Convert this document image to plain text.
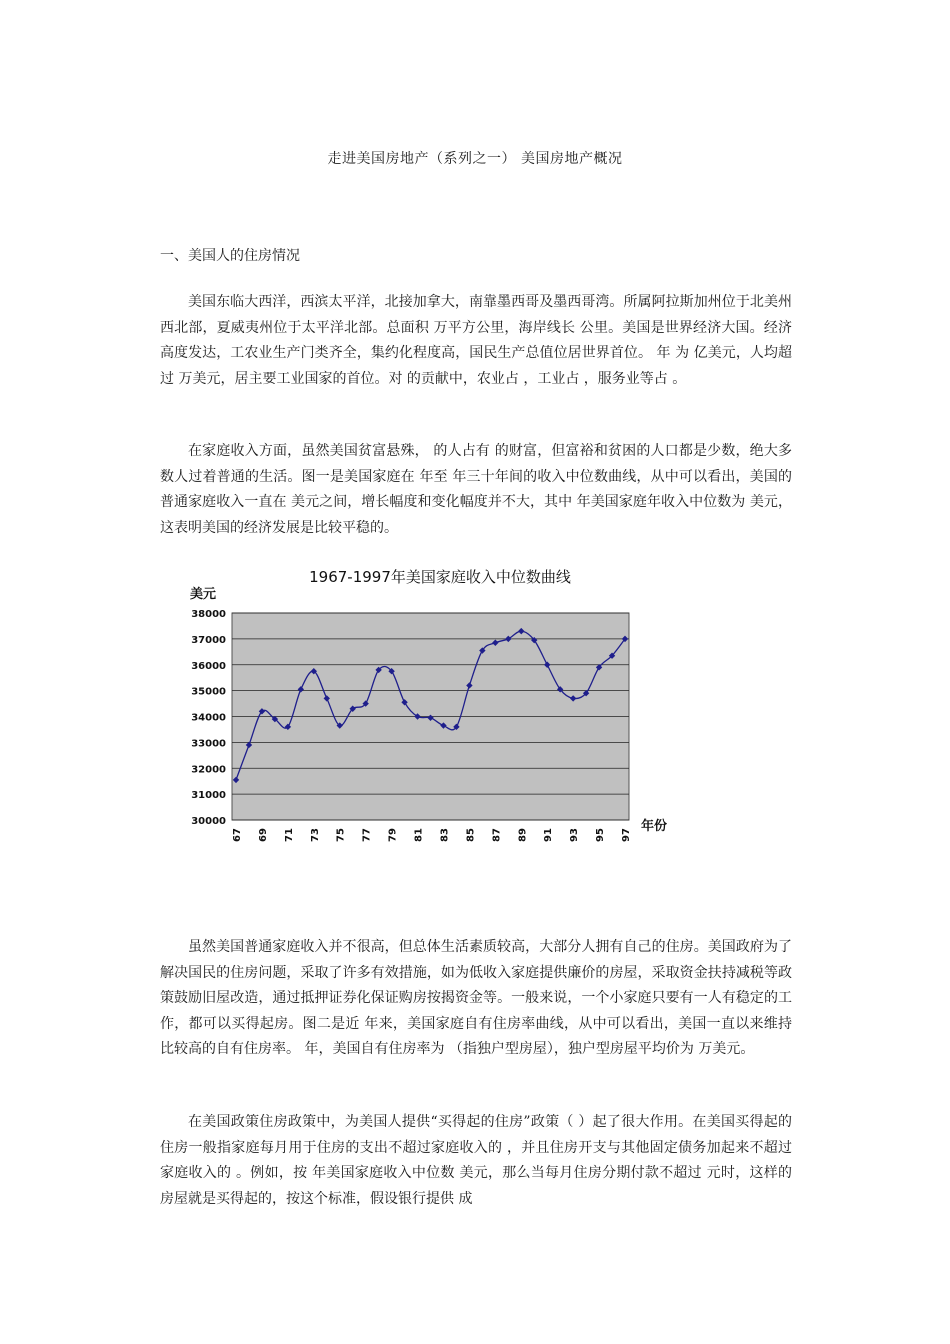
走进美国房地产（系列之一） 美国房地产概况
一、美国人的住房情况

美国东临大西洋，西滨太平洋，北接加拿大，南靠墨西哥及墨西哥湾。所属阿拉斯加州位于北美州西北部，夏威夷州位于太平洋北部。总面积 万平方公里，海岸线长 公里。美国是世界经济大国。经济高度发达，工农业生产门类齐全，集约化程度高，国民生产总值位居世界首位。 年 为 亿美元，人均超过 万美元，居主要工业国家的首位。对 的贡献中，农业占 ，工业占 ，服务业等占 。

在家庭收入方面，虽然美国贫富悬殊， 的人占有 的财富，但富裕和贫困的人口都是少数，绝大多数人过着普通的生活。图一是美国家庭在 年至 年三十年间的收入中位数曲线，从中可以看出，美国的普通家庭收入一直在 美元之间，增长幅度和变化幅度并不大，其中 年美国家庭年收入中位数为 美元，这表明美国的经济发展是比较平稳的。

1967-1997年美国家庭收入中位数曲线
美元
30000
31000
32000
33000
34000
35000
36000
37000
38000
67 69 71 73 75 77 79 81 83 85 87 89 91 93 95 97
年份

虽然美国普通家庭收入并不很高，但总体生活素质较高，大部分人拥有自己的住房。美国政府为了解决国民的住房问题，采取了许多有效措施，如为低收入家庭提供廉价的房屋，采取资金扶持减税等政策鼓励旧屋改造，通过抵押证券化保证购房按揭资金等。一般来说，一个小家庭只要有一人有稳定的工作，都可以买得起房。图二是近 年来，美国家庭自有住房率曲线，从中可以看出，美国一直以来维持比较高的自有住房率。 年，美国自有住房率为 （指独户型房屋），独户型房屋平均价为 万美元。

在美国政策住房政策中，为美国人提供“买得起的住房”政策（ ）起了很大作用。在美国买得起的住房一般指家庭每月用于住房的支出不超过家庭收入的 ，并且住房开支与其他固定债务加起来不超过家庭收入的 。例如，按 年美国家庭收入中位数 美元，那么当每月住房分期付款不超过 元时，这样的房屋就是买得起的，按这个标准，假设银行提供 成
